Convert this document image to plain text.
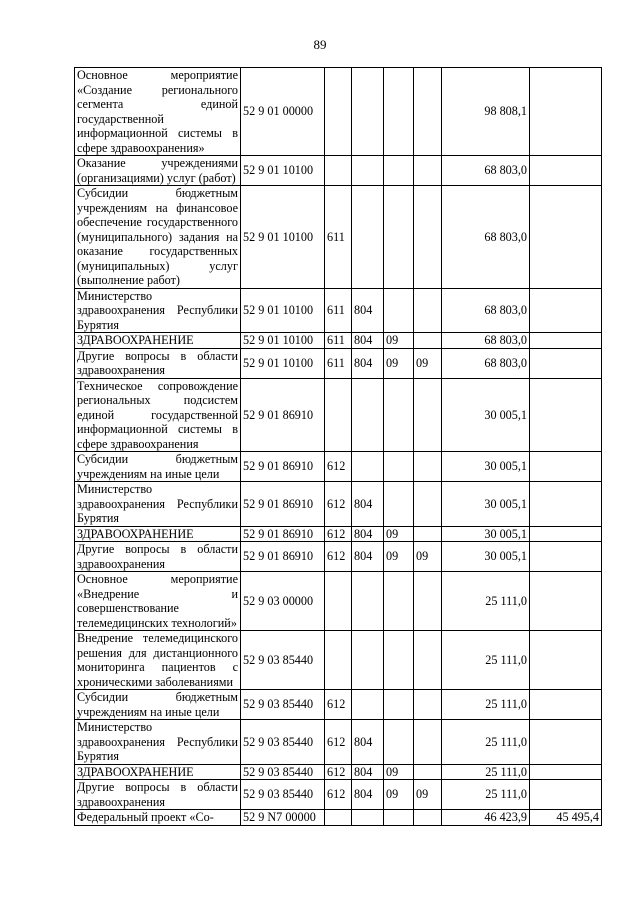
89
Основное мероприятие «Создание регионального сегмента единой государственной информационной системы в сфере здравоохранения»	52 9 01 00000					98 808,1	
Оказание учреждениями (организациями) услуг (работ)	52 9 01 10100					68 803,0	
Субсидии бюджетным учреждениям на финансовое обеспечение государственного (муниципального) задания на оказание государственных (муниципальных) услуг (выполнение работ)	52 9 01 10100	611				68 803,0	
Министерство здравоохранения Республики Бурятия	52 9 01 10100	611	804			68 803,0	
ЗДРАВООХРАНЕНИЕ	52 9 01 10100	611	804	09		68 803,0	
Другие вопросы в области здравоохранения	52 9 01 10100	611	804	09	09	68 803,0	
Техническое сопровождение региональных подсистем единой государственной информационной системы в сфере здравоохранения	52 9 01 86910					30 005,1	
Субсидии бюджетным учреждениям на иные цели	52 9 01 86910	612				30 005,1	
Министерство здравоохранения Республики Бурятия	52 9 01 86910	612	804			30 005,1	
ЗДРАВООХРАНЕНИЕ	52 9 01 86910	612	804	09		30 005,1	
Другие вопросы в области здравоохранения	52 9 01 86910	612	804	09	09	30 005,1	
Основное мероприятие «Внедрение и совершенствование телемедицинских технологий»	52 9 03 00000					25 111,0	
Внедрение телемедицинского решения для дистанционного мониторинга пациентов с хроническими заболеваниями	52 9 03 85440					25 111,0	
Субсидии бюджетным учреждениям на иные цели	52 9 03 85440	612				25 111,0	
Министерство здравоохранения Республики Бурятия	52 9 03 85440	612	804			25 111,0	
ЗДРАВООХРАНЕНИЕ	52 9 03 85440	612	804	09		25 111,0	
Другие вопросы в области здравоохранения	52 9 03 85440	612	804	09	09	25 111,0	
Федеральный проект «Со-	52 9 N7 00000					46 423,9	45 495,4
